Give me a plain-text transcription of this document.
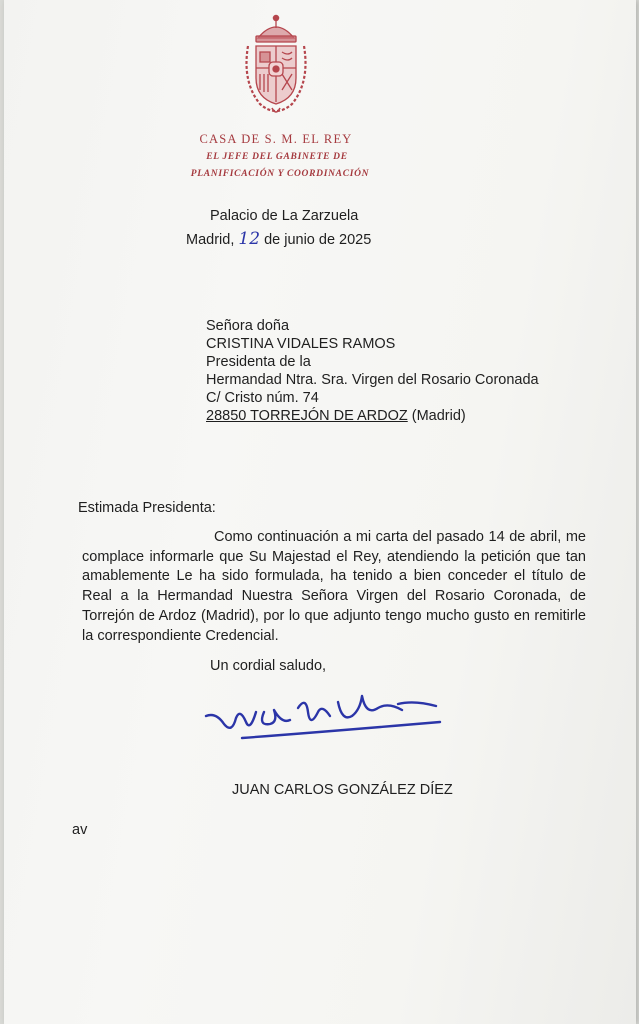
CASA DE S. M. EL REY
EL JEFE DEL GABINETE DE
PLANIFICACIÓN Y COORDINACIÓN
Palacio de La Zarzuela
Madrid, 12 de junio de 2025
Señora doña
CRISTINA VIDALES RAMOS
Presidenta de la
Hermandad Ntra. Sra. Virgen del Rosario Coronada
C/ Cristo núm. 74
28850 TORREJÓN DE ARDOZ (Madrid)
Estimada Presidenta:
Como continuación a mi carta del pasado 14 de abril, me complace informarle que Su Majestad el Rey, atendiendo la petición que tan amablemente Le ha sido formulada, ha tenido a bien conceder el título de Real a la Hermandad Nuestra Señora Virgen del Rosario Coronada, de Torrejón de Ardoz (Madrid), por lo que adjunto tengo mucho gusto en remitirle la correspondiente Credencial.
Un cordial saludo,
JUAN CARLOS GONZÁLEZ DÍEZ
av
